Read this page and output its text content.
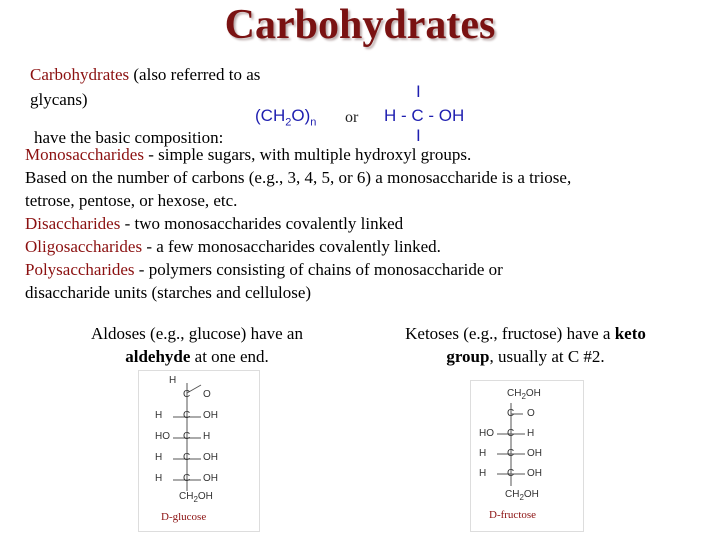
Carbohydrates
Carbohydrates (also referred to as
glycans)
$(CH_2O)_n$ or
I
H - C - OH
I
have the basic composition:
Monosaccharides - simple sugars, with multiple hydroxyl groups.
Based on the number of carbons (e.g., 3, 4, 5, or 6) a monosaccharide is a triose,
tetrose, pentose, or hexose, etc.
Disaccharides - two monosaccharides covalently linked
Oligosaccharides - a few monosaccharides covalently linked.
Polysaccharides - polymers consisting of chains of monosaccharide or
disaccharide units (starches and cellulose)
Aldoses (e.g., glucose) have an
aldehyde at one end.
Ketoses (e.g., fructose) have a keto
group, usually at C #2.
H
C O
H C OH
HO C H
H C OH
H C OH
$CH_2OH$
D-glucose
$CH_2OH$
C O
HO C H
H C OH
H C OH
$CH_2OH$
D-fructose
